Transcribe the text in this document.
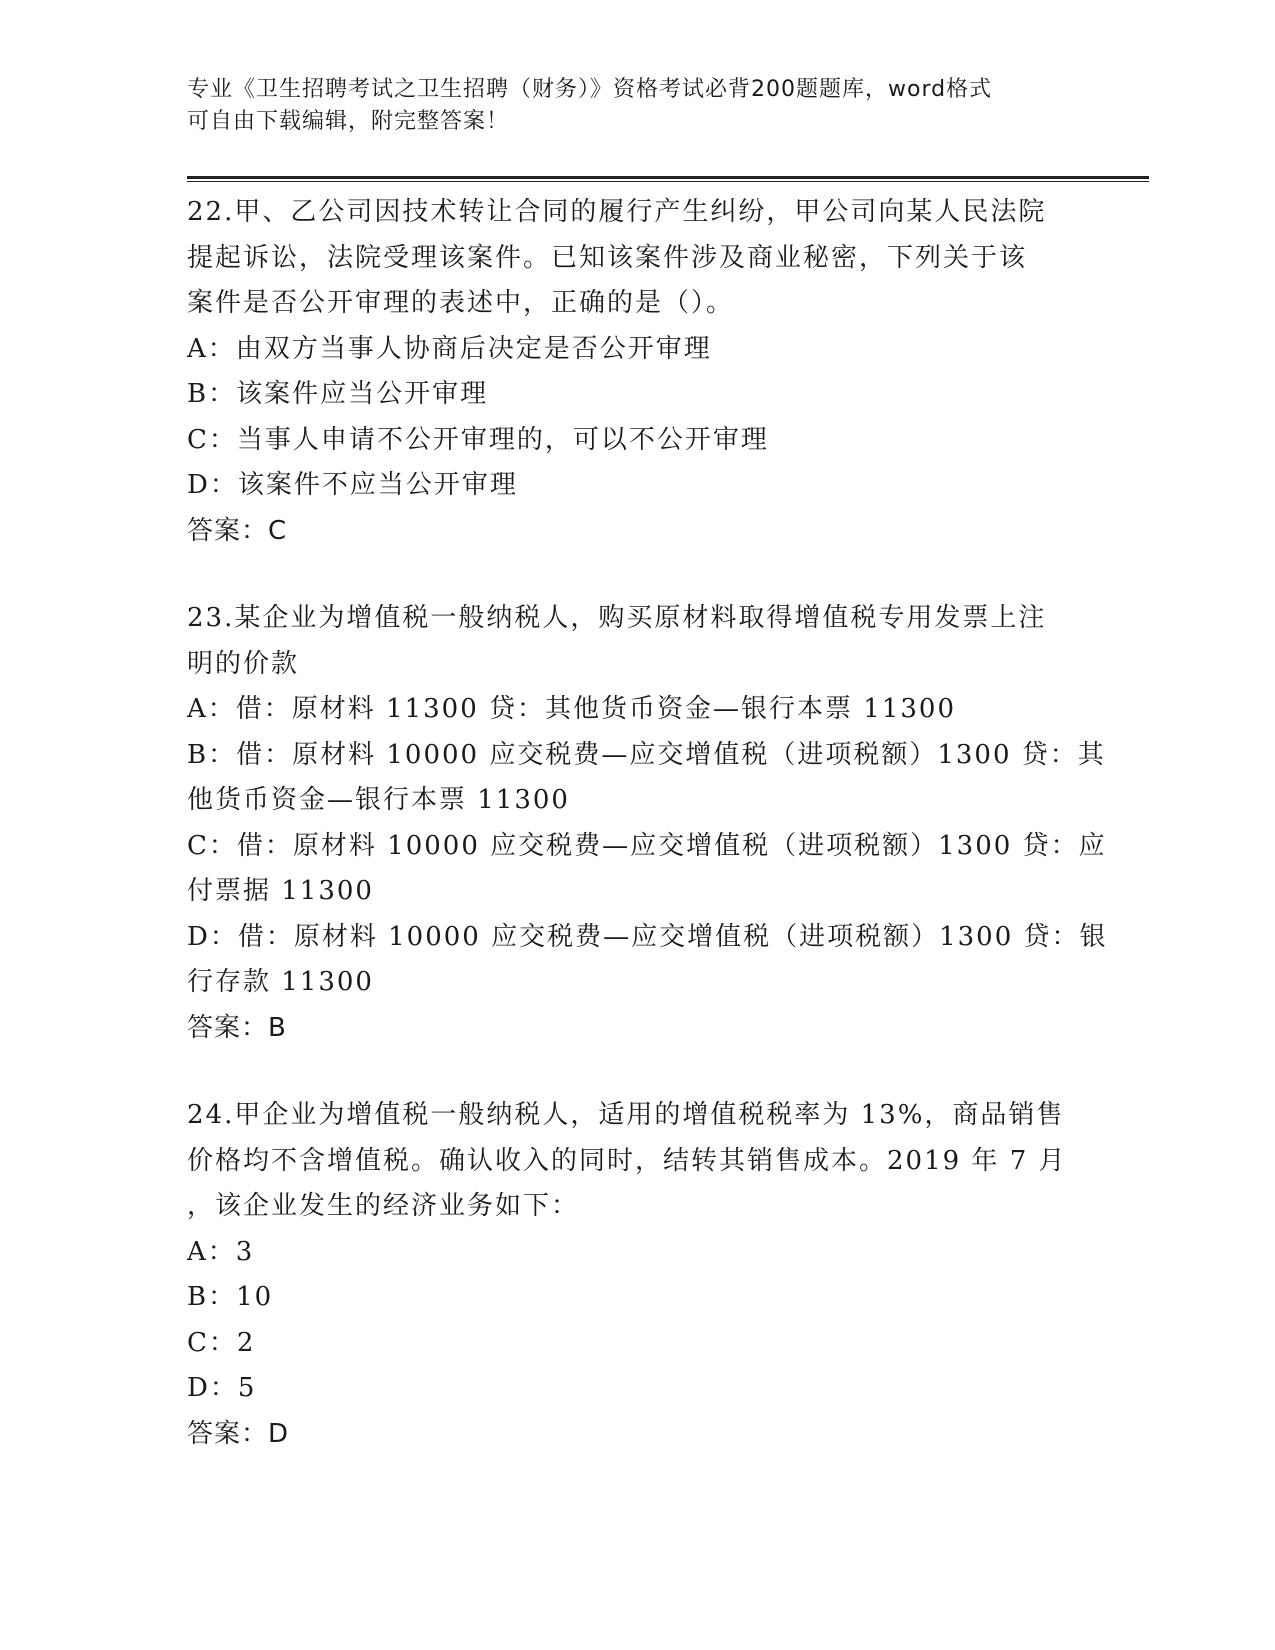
专业《卫生招聘考试之卫生招聘（财务）》资格考试必背200题题库，word格式
可自由下载编辑，附完整答案！
22.甲、乙公司因技术转让合同的履行产生纠纷，甲公司向某人民法院
提起诉讼，法院受理该案件。已知该案件涉及商业秘密，下列关于该
案件是否公开审理的表述中，正确的是（）。
A：由双方当事人协商后决定是否公开审理
B：该案件应当公开审理
C：当事人申请不公开审理的，可以不公开审理
D：该案件不应当公开审理
答案：C
23.某企业为增值税一般纳税人，购买原材料取得增值税专用发票上注
明的价款
A：借：原材料 11300 贷：其他货币资金—银行本票 11300
B：借：原材料 10000 应交税费—应交增值税（进项税额）1300 贷：其
他货币资金—银行本票 11300
C：借：原材料 10000 应交税费—应交增值税（进项税额）1300 贷：应
付票据 11300
D：借：原材料 10000 应交税费—应交增值税（进项税额）1300 贷：银
行存款 11300
答案：B
24.甲企业为增值税一般纳税人，适用的增值税税率为 13%，商品销售
价格均不含增值税。确认收入的同时，结转其销售成本。2019 年 7 月
，该企业发生的经济业务如下：
A：3
B：10
C：2
D：5
答案：D
